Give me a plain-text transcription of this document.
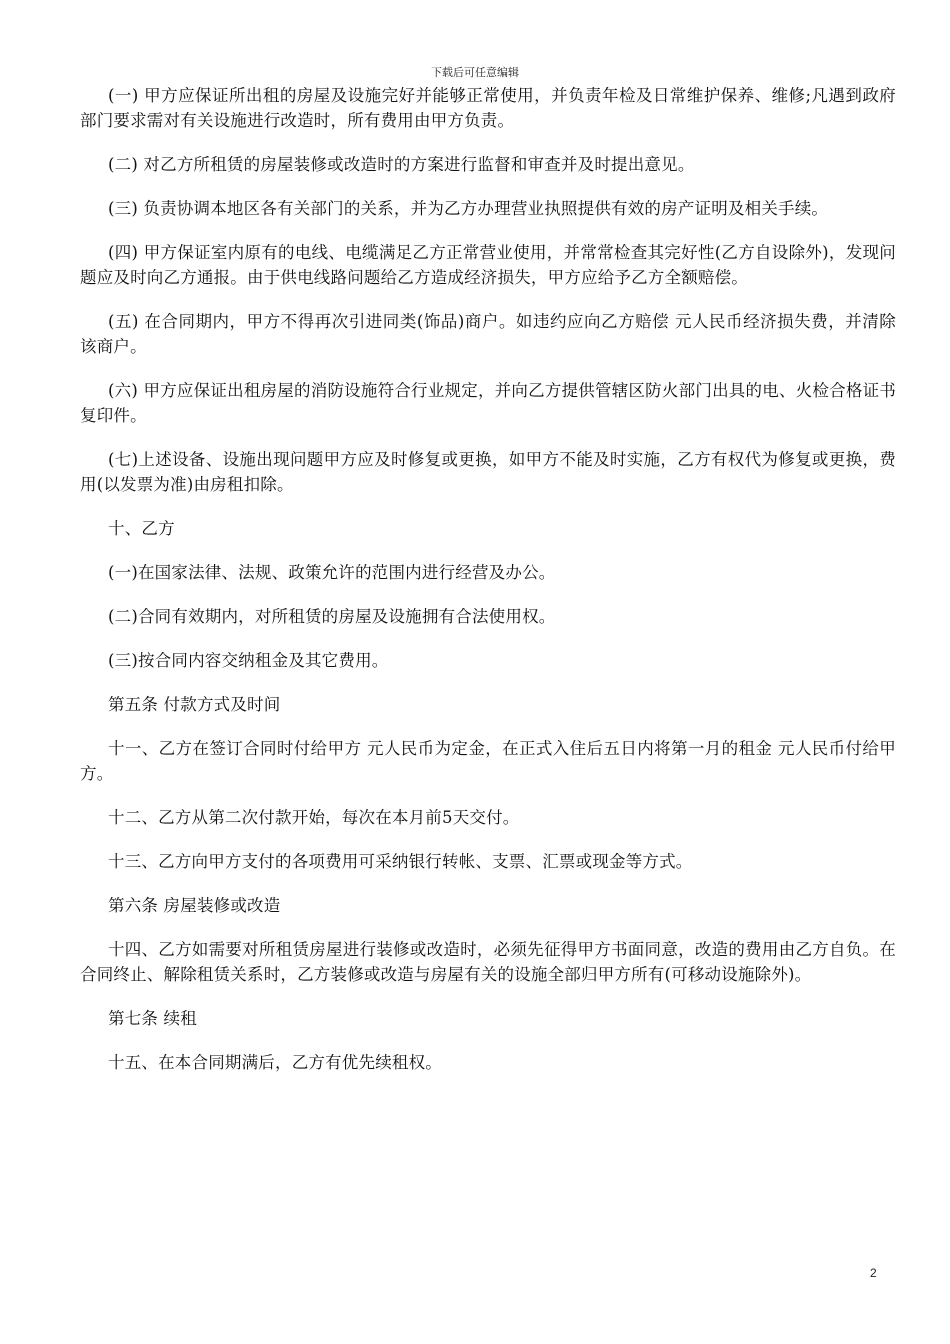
下载后可任意编辑

(一) 甲方应保证所出租的房屋及设施完好并能够正常使用，并负责年检及日常维护保养、维修;凡遇到政府部门要求需对有关设施进行改造时，所有费用由甲方负责。

(二) 对乙方所租赁的房屋装修或改造时的方案进行监督和审查并及时提出意见。

(三) 负责协调本地区各有关部门的关系，并为乙方办理营业执照提供有效的房产证明及相关手续。

(四) 甲方保证室内原有的电线、电缆满足乙方正常营业使用，并常常检查其完好性(乙方自设除外)，发现问题应及时向乙方通报。由于供电线路问题给乙方造成经济损失，甲方应给予乙方全额赔偿。

(五) 在合同期内，甲方不得再次引进同类(饰品)商户。如违约应向乙方赔偿 元人民币经济损失费，并清除该商户。

(六) 甲方应保证出租房屋的消防设施符合行业规定，并向乙方提供管辖区防火部门出具的电、火检合格证书复印件。

(七)上述设备、设施出现问题甲方应及时修复或更换，如甲方不能及时实施，乙方有权代为修复或更换，费用(以发票为准)由房租扣除。

十、乙方

(一)在国家法律、法规、政策允许的范围内进行经营及办公。

(二)合同有效期内，对所租赁的房屋及设施拥有合法使用权。

(三)按合同内容交纳租金及其它费用。

第五条 付款方式及时间

十一、乙方在签订合同时付给甲方 元人民币为定金，在正式入住后五日内将第一月的租金 元人民币付给甲方。

十二、乙方从第二次付款开始，每次在本月前5天交付。

十三、乙方向甲方支付的各项费用可采纳银行转帐、支票、汇票或现金等方式。

第六条 房屋装修或改造

十四、乙方如需要对所租赁房屋进行装修或改造时，必须先征得甲方书面同意，改造的费用由乙方自负。在合同终止、解除租赁关系时，乙方装修或改造与房屋有关的设施全部归甲方所有(可移动设施除外)。

第七条 续租

十五、在本合同期满后，乙方有优先续租权。

2
